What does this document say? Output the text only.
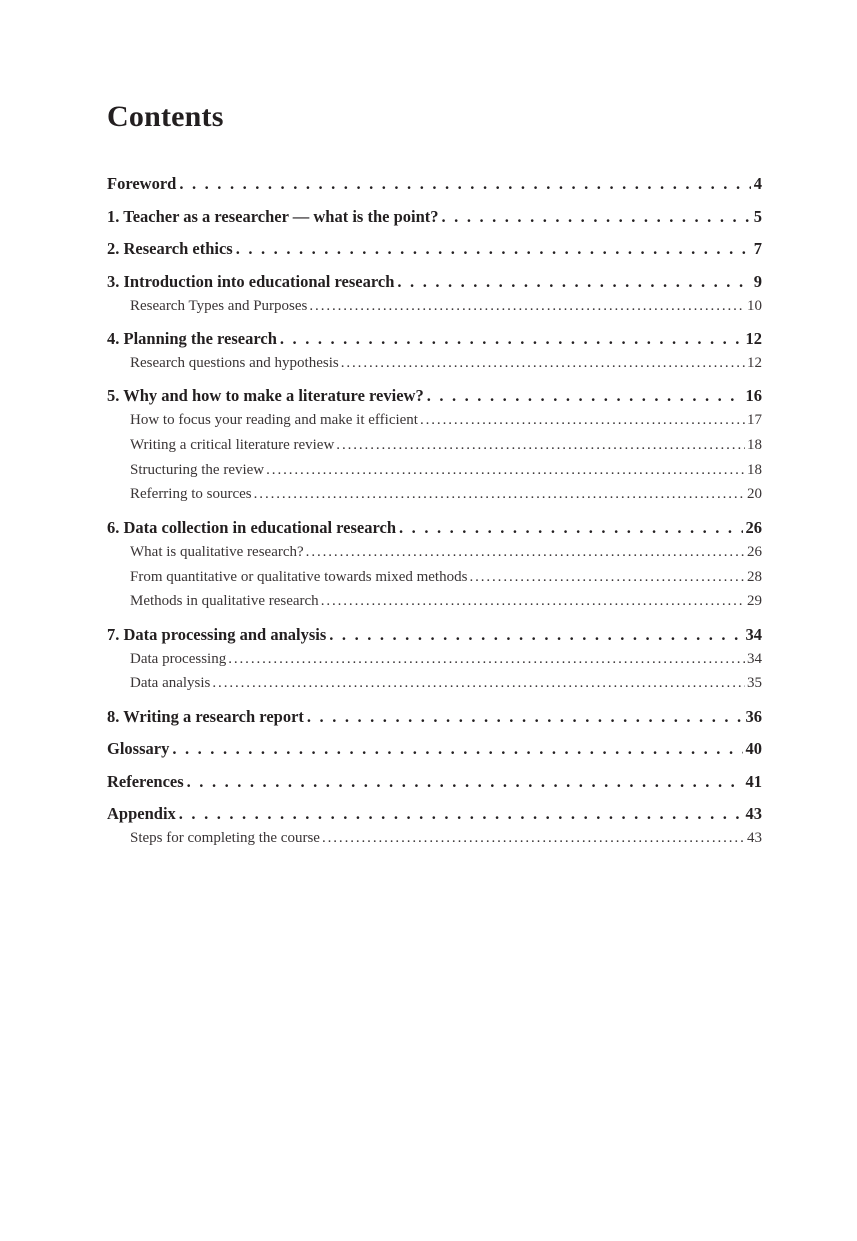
Contents
Foreword . . .	4
1. Teacher as a researcher — what is the point? . . .	5
2. Research ethics . . .	7
3. Introduction into educational research . . .	9
Research Types and Purposes .....	10
4. Planning the research . . .	12
Research questions and hypothesis .....	12
5. Why and how to make a literature review? . . .	16
How to focus your reading and make it efficient .....	17
Writing a critical literature review .....	18
Structuring the review .....	18
Referring to sources .....	20
6. Data collection in educational research . . .	26
What is qualitative research? .....	26
From quantitative or qualitative towards mixed methods .....	28
Methods in qualitative research .....	29
7. Data processing and analysis . . .	34
Data processing .....	34
Data analysis .....	35
8. Writing a research report . . .	36
Glossary . . .	40
References . . .	41
Appendix . . .	43
Steps for completing the course .....	43
